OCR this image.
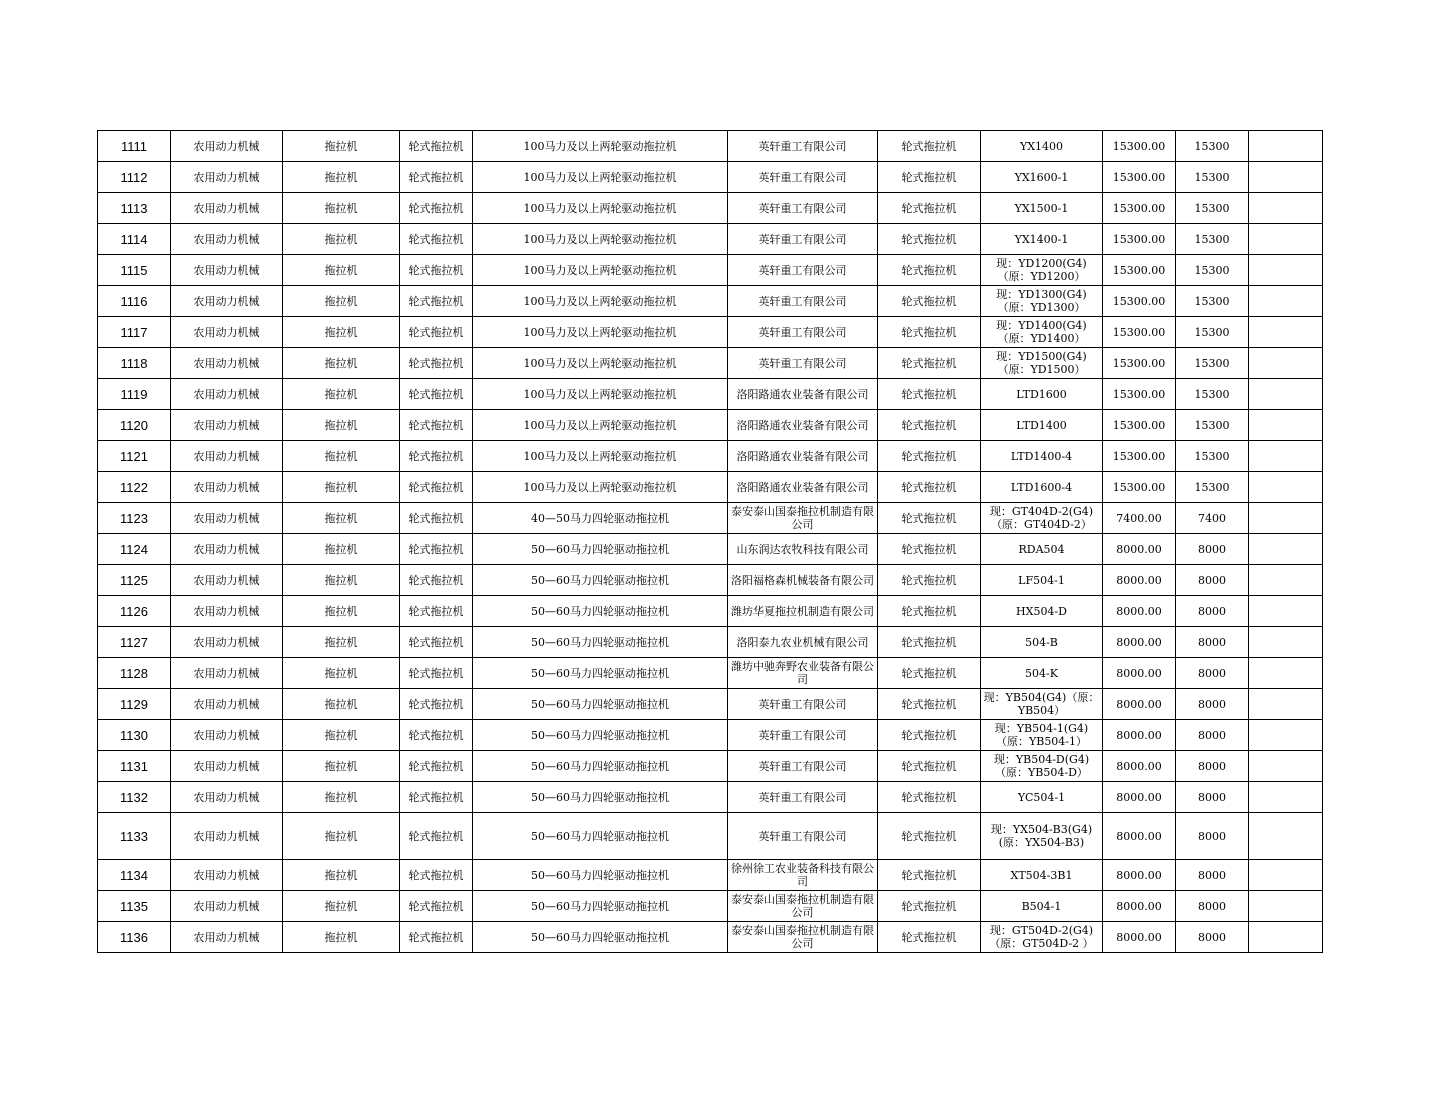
1111	农用动力机械	拖拉机	轮式拖拉机	100马力及以上两轮驱动拖拉机	英轩重工有限公司	轮式拖拉机	YX1400	15300.00	15300	
1112	农用动力机械	拖拉机	轮式拖拉机	100马力及以上两轮驱动拖拉机	英轩重工有限公司	轮式拖拉机	YX1600-1	15300.00	15300	
1113	农用动力机械	拖拉机	轮式拖拉机	100马力及以上两轮驱动拖拉机	英轩重工有限公司	轮式拖拉机	YX1500-1	15300.00	15300	
1114	农用动力机械	拖拉机	轮式拖拉机	100马力及以上两轮驱动拖拉机	英轩重工有限公司	轮式拖拉机	YX1400-1	15300.00	15300	
1115	农用动力机械	拖拉机	轮式拖拉机	100马力及以上两轮驱动拖拉机	英轩重工有限公司	轮式拖拉机	现：YD1200(G4)（原：YD1200）	15300.00	15300	
1116	农用动力机械	拖拉机	轮式拖拉机	100马力及以上两轮驱动拖拉机	英轩重工有限公司	轮式拖拉机	现：YD1300(G4)（原：YD1300）	15300.00	15300	
1117	农用动力机械	拖拉机	轮式拖拉机	100马力及以上两轮驱动拖拉机	英轩重工有限公司	轮式拖拉机	现：YD1400(G4)（原：YD1400）	15300.00	15300	
1118	农用动力机械	拖拉机	轮式拖拉机	100马力及以上两轮驱动拖拉机	英轩重工有限公司	轮式拖拉机	现：YD1500(G4)（原：YD1500）	15300.00	15300	
1119	农用动力机械	拖拉机	轮式拖拉机	100马力及以上两轮驱动拖拉机	洛阳路通农业装备有限公司	轮式拖拉机	LTD1600	15300.00	15300	
1120	农用动力机械	拖拉机	轮式拖拉机	100马力及以上两轮驱动拖拉机	洛阳路通农业装备有限公司	轮式拖拉机	LTD1400	15300.00	15300	
1121	农用动力机械	拖拉机	轮式拖拉机	100马力及以上两轮驱动拖拉机	洛阳路通农业装备有限公司	轮式拖拉机	LTD1400-4	15300.00	15300	
1122	农用动力机械	拖拉机	轮式拖拉机	100马力及以上两轮驱动拖拉机	洛阳路通农业装备有限公司	轮式拖拉机	LTD1600-4	15300.00	15300	
1123	农用动力机械	拖拉机	轮式拖拉机	40—50马力四轮驱动拖拉机	泰安泰山国泰拖拉机制造有限公司	轮式拖拉机	现：GT404D-2(G4)（原：GT404D-2）	7400.00	7400	
1124	农用动力机械	拖拉机	轮式拖拉机	50—60马力四轮驱动拖拉机	山东润达农牧科技有限公司	轮式拖拉机	RDA504	8000.00	8000	
1125	农用动力机械	拖拉机	轮式拖拉机	50—60马力四轮驱动拖拉机	洛阳福格森机械装备有限公司	轮式拖拉机	LF504-1	8000.00	8000	
1126	农用动力机械	拖拉机	轮式拖拉机	50—60马力四轮驱动拖拉机	潍坊华夏拖拉机制造有限公司	轮式拖拉机	HX504-D	8000.00	8000	
1127	农用动力机械	拖拉机	轮式拖拉机	50—60马力四轮驱动拖拉机	洛阳泰九农业机械有限公司	轮式拖拉机	504-B	8000.00	8000	
1128	农用动力机械	拖拉机	轮式拖拉机	50—60马力四轮驱动拖拉机	潍坊中驰奔野农业装备有限公司	轮式拖拉机	504-K	8000.00	8000	
1129	农用动力机械	拖拉机	轮式拖拉机	50—60马力四轮驱动拖拉机	英轩重工有限公司	轮式拖拉机	现：YB504(G4)（原：YB504）	8000.00	8000	
1130	农用动力机械	拖拉机	轮式拖拉机	50—60马力四轮驱动拖拉机	英轩重工有限公司	轮式拖拉机	现：YB504-1(G4)（原：YB504-1）	8000.00	8000	
1131	农用动力机械	拖拉机	轮式拖拉机	50—60马力四轮驱动拖拉机	英轩重工有限公司	轮式拖拉机	现：YB504-D(G4)（原：YB504-D）	8000.00	8000	
1132	农用动力机械	拖拉机	轮式拖拉机	50—60马力四轮驱动拖拉机	英轩重工有限公司	轮式拖拉机	YC504-1	8000.00	8000	
1133	农用动力机械	拖拉机	轮式拖拉机	50—60马力四轮驱动拖拉机	英轩重工有限公司	轮式拖拉机	现：YX504-B3(G4)(原：YX504-B3)	8000.00	8000	
1134	农用动力机械	拖拉机	轮式拖拉机	50—60马力四轮驱动拖拉机	徐州徐工农业装备科技有限公司	轮式拖拉机	XT504-3B1	8000.00	8000	
1135	农用动力机械	拖拉机	轮式拖拉机	50—60马力四轮驱动拖拉机	泰安泰山国泰拖拉机制造有限公司	轮式拖拉机	B504-1	8000.00	8000	
1136	农用动力机械	拖拉机	轮式拖拉机	50—60马力四轮驱动拖拉机	泰安泰山国泰拖拉机制造有限公司	轮式拖拉机	现：GT504D-2(G4)（原：GT504D-2 ）	8000.00	8000	
